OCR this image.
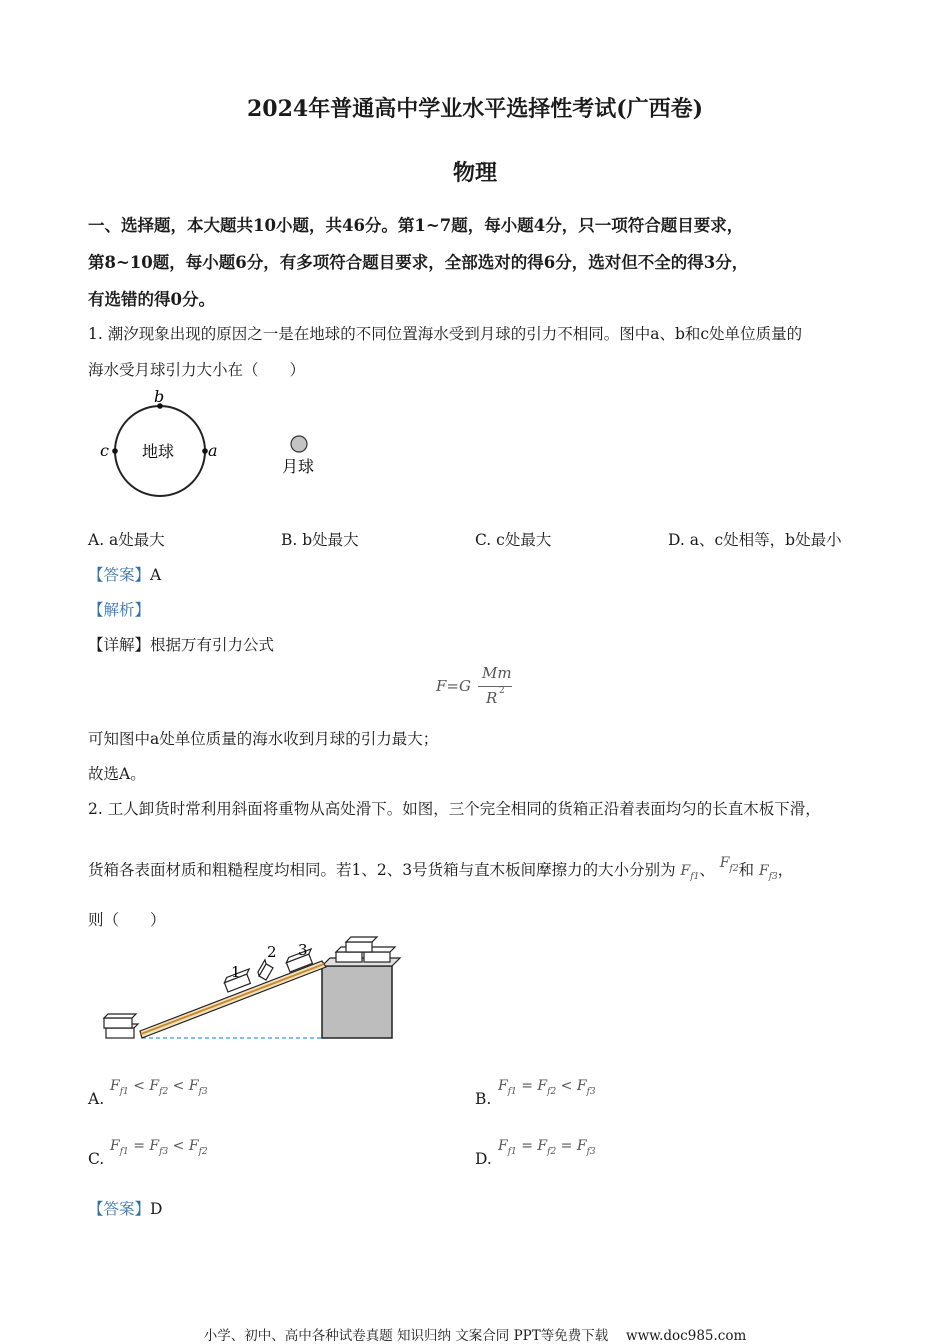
2024年普通高中学业水平选择性考试(广西卷)
物理
一、选择题，本大题共10小题，共46分。第1~7题，每小题4分，只一项符合题目要求，
第8~10题，每小题6分，有多项符合题目要求，全部选对的得6分，选对但不全的得3分，
有选错的得0分。
1. 潮汐现象出现的原因之一是在地球的不同位置海水受到月球的引力不相同。图中a、b和c处单位质量的
海水受月球引力大小在（　　）
b
c	a
地球
月球
A. a处最大	B. b处最大	C. c处最大	D. a、c处相等，b处最小
【答案】A
【解析】
【详解】根据万有引力公式
F=G
Mm
R 2
可知图中a处单位质量的海水收到月球的引力最大；
故选A。
2. 工人卸货时常利用斜面将重物从高处滑下。如图，三个完全相同的货箱正沿着表面均匀的长直木板下滑，
货箱各表面材质和粗糙程度均相同。若1、2、3号货箱与直木板间摩擦力的大小分别为 $F_{f1}$、 $F_{f2}$和 $F_{f3}$，
则（　　）
1
2 3
A.
$F_{f1} < F_{f2} < F_{f3}$	B.
$F_{f1} = F_{f2} < F_{f3}$
C.
$F_{f1} = F_{f3} < F_{f2}$	D.
$F_{f1} = F_{f2} = F_{f3}$
【答案】D
小学、初中、高中各种试卷真题 知识归纳 文案合同 PPT等免费下载　 www.doc985.com
